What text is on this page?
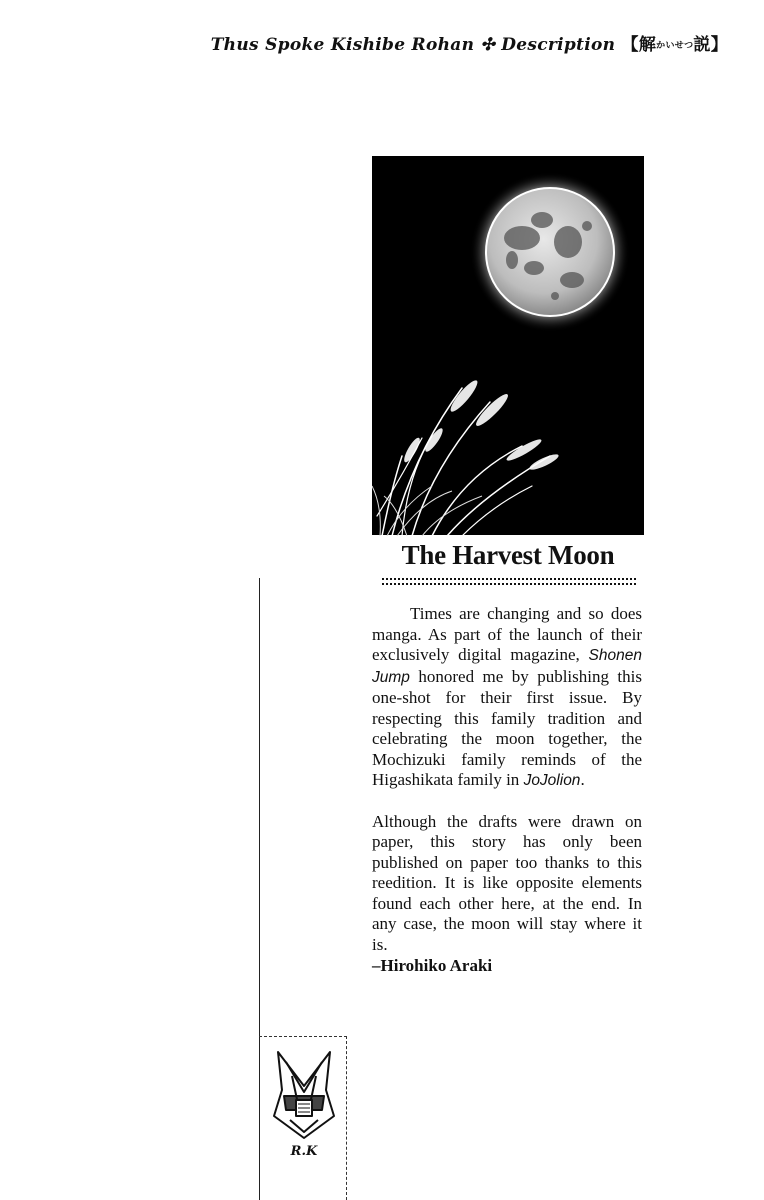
Thus Spoke Kishibe Rohan ✣ Description 【解かいせつ説】
The Harvest Moon

Times are changing and so does manga. As part of the launch of their exclusively digital magazine, Shonen Jump honored me by publishing this one-shot for their first issue. By respecting this family tradition and celebrating the moon together, the Mochizuki family reminds of the Higashikata family in JoJolion.

Although the drafts were drawn on paper, this story has only been published on paper too thanks to this reedition. It is like opposite elements found each other here, at the end. In any case, the moon will stay where it is.

–Hirohiko Araki
R.K
